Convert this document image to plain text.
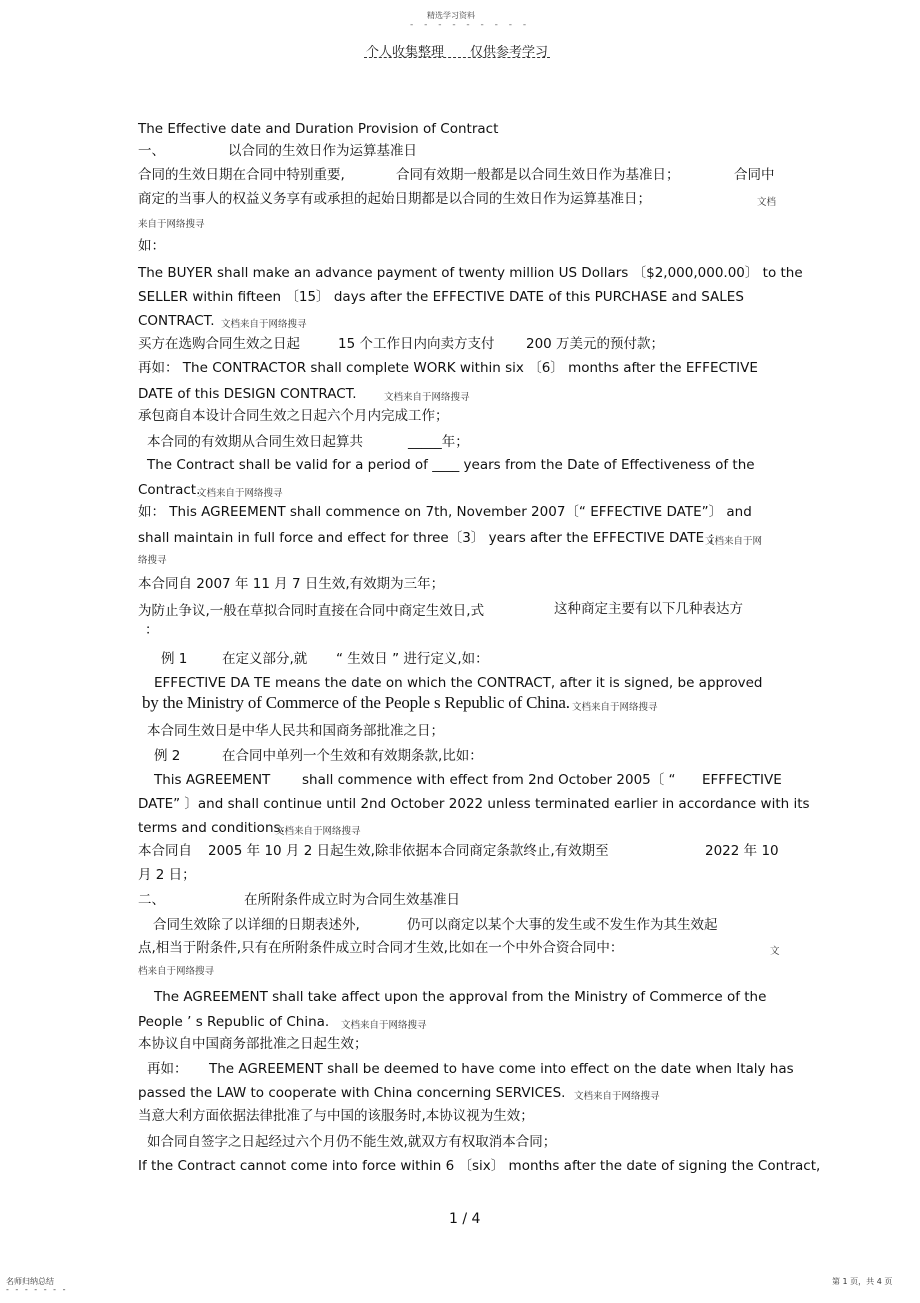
精选学习资料
- - - - - - - - -
个人收集整理 仅供参考学习
The Effective date and Duration Provision of Contract
一、	以合同的生效日作为运算基准日
合同的生效日期在合同中特别重要,	合同有效期一般都是以合同生效日作为基准日；	合同中
商定的当事人的权益义务享有或承担的起始日期都是以合同的生效日作为运算基准日；	文档
来自于网络搜寻
如：
The BUYER shall make an advance payment of twenty million US Dollars 〔$2,000,000.00〕 to the
SELLER within fifteen 〔15〕 days after the EFFECTIVE DATE of this PURCHASE and SALES
CONTRACT. 文档来自于网络搜寻
买方在选购合同生效之日起	15 个工作日内向卖方支付 200 万美元的预付款；
再如： The CONTRACTOR shall complete WORK within six 〔6〕 months after the EFFECTIVE
DATE of this DESIGN CONTRACT.	文档来自于网络搜寻
承包商自本设计合同生效之日起六个月内完成工作；
本合同的有效期从合同生效日起算共	_____年；
The Contract shall be valid for a period of ____ years from the Date of Effectiveness of the
Contract.
文档来自于网络搜寻
如： This AGREEMENT shall commence on 7th, November 2007〔“ EFFECTIVE DATE”〕 and
shall maintain in full force and effect for three〔3〕 years after the EFFECTIVE DATE ；
文档来自于网
络搜寻
本合同自 2007 年 11 月 7 日生效,有效期为三年；
为防止争议,一般在草拟合同时直接在合同中商定生效日,式	这种商定主要有以下几种表达方
：
例 1	在定义部分,就 “ 生效日 ” 进行定义,如：
EFFECTIVE DA TE means the date on which the CONTRACT, after it is signed, be approved
by the Ministry of Commerce of the People s Republic of China. 文档来自于网络搜寻
本合同生效日是中华人民共和国商务部批准之日；
例 2	在合同中单列一个生效和有效期条款,比如：
This AGREEMENT shall commence with effect from 2nd October 2005〔 “ EFFFECTIVE
DATE” 〕and shall continue until 2nd October 2022 unless terminated earlier in accordance with its
terms and conditions.
文档来自于网络搜寻
本合同自 2005 年 10 月 2 日起生效,除非依据本合同商定条款终止,有效期至	2022 年 10
月 2 日；
二、	在所附条件成立时为合同生效基准日
合同生效除了以详细的日期表述外,	仍可以商定以某个大事的发生或不发生作为其生效起
点,相当于附条件,只有在所附条件成立时合同才生效,比如在一个中外合资合同中：	文
档来自于网络搜寻
The AGREEMENT shall take affect upon the approval from the Ministry of Commerce of the
People ’ s Republic of China. 文档来自于网络搜寻
本协议自中国商务部批准之日起生效；
再如： The AGREEMENT shall be deemed to have come into effect on the date when Italy has
passed the LAW to cooperate with China concerning SERVICES. 文档来自于网络搜寻
当意大利方面依据法律批准了与中国的该服务时,本协议视为生效；
如合同自签字之日起经过六个月仍不能生效,就双方有权取消本合同；
If the Contract cannot come into force within 6 〔six〕 months after the date of signing the Contract,
1 / 4
名师归纳总结
- - - - - - -
第 1 页，共 4 页
